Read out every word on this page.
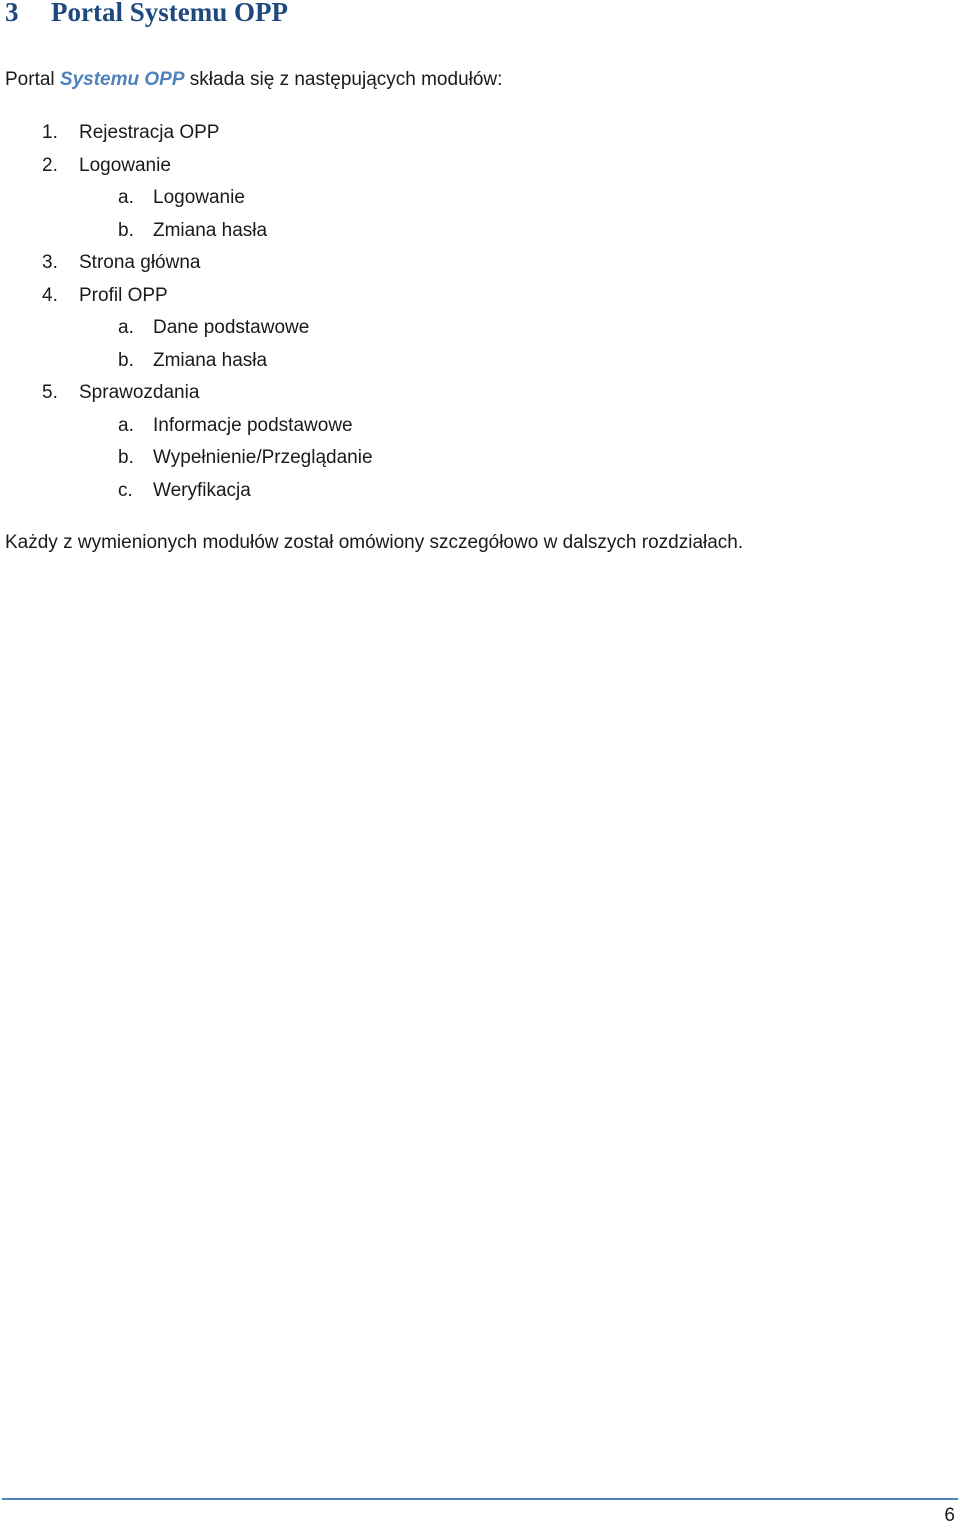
3 Portal Systemu OPP

Portal Systemu OPP składa się z następujących modułów:

1. Rejestracja OPP
2. Logowanie
a. Logowanie
b. Zmiana hasła
3. Strona główna
4. Profil OPP
a. Dane podstawowe
b. Zmiana hasła
5. Sprawozdania
a. Informacje podstawowe
b. Wypełnienie/Przeglądanie
c. Weryfikacja

Każdy z wymienionych modułów został omówiony szczegółowo w dalszych rozdziałach.

6
